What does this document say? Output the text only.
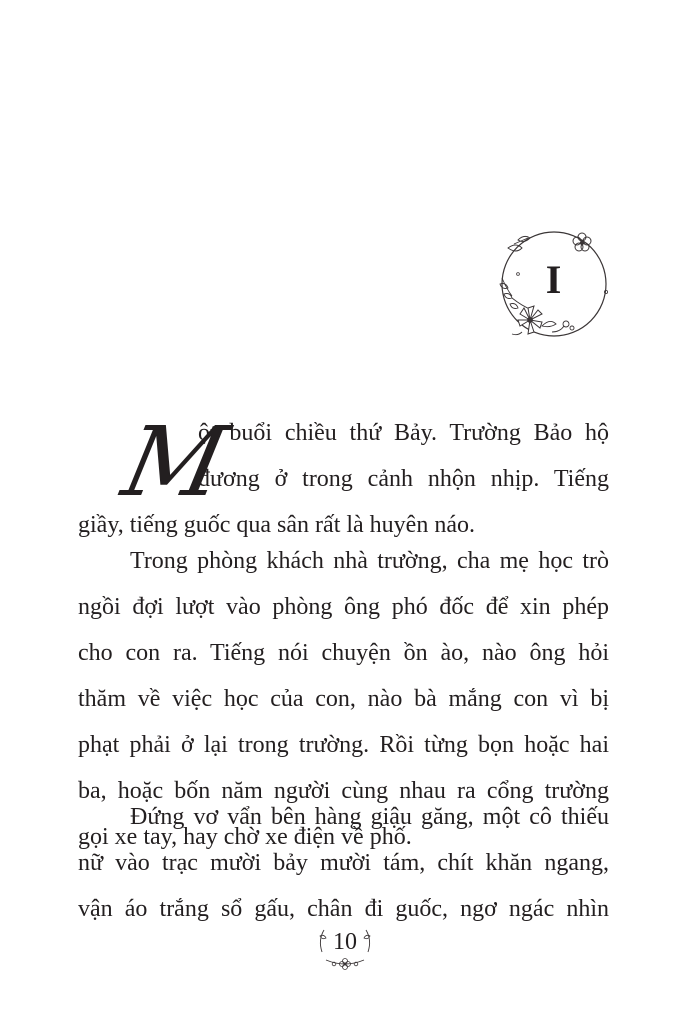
I
M
ột buổi chiều thứ Bảy. Trường Bảo hộ
đương ở trong cảnh nhộn nhịp. Tiếng
giầy, tiếng guốc qua sân rất là huyên náo.
Trong phòng khách nhà trường, cha mẹ học trò
ngồi đợi lượt vào phòng ông phó đốc để xin phép
cho con ra. Tiếng nói chuyện ồn ào, nào ông hỏi
thăm về việc học của con, nào bà mắng con vì bị
phạt phải ở lại trong trường. Rồi từng bọn hoặc hai
ba, hoặc bốn năm người cùng nhau ra cổng trường
gọi xe tay, hay chờ xe điện về phố.
Đứng vơ vẩn bên hàng giậu găng, một cô thiếu
nữ vào trạc mười bảy mười tám, chít khăn ngang,
vận áo trắng sổ gấu, chân đi guốc, ngơ ngác nhìn
10
